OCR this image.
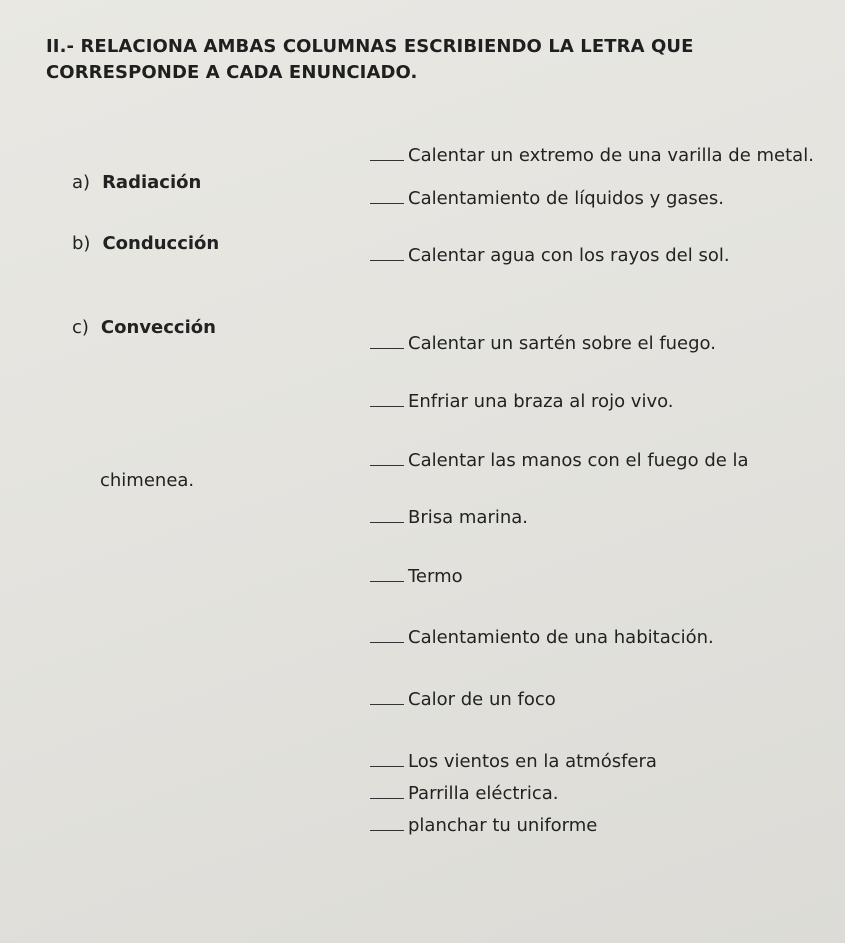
II.- RELACIONA AMBAS COLUMNAS ESCRIBIENDO LA LETRA QUE CORRESPONDE A CADA ENUNCIADO.
a) Radiación
b) Conducción
c) Convección
Calentar un extremo de una varilla de metal.
Calentamiento de líquidos y gases.
Calentar agua con los rayos del sol.
Calentar un sartén sobre el fuego.
Enfriar una braza al rojo vivo.
Calentar las manos con el fuego de la
chimenea.
Brisa marina.
Termo
Calentamiento de una habitación.
Calor de un foco
Los vientos en la atmósfera
Parrilla eléctrica.
planchar tu uniforme
